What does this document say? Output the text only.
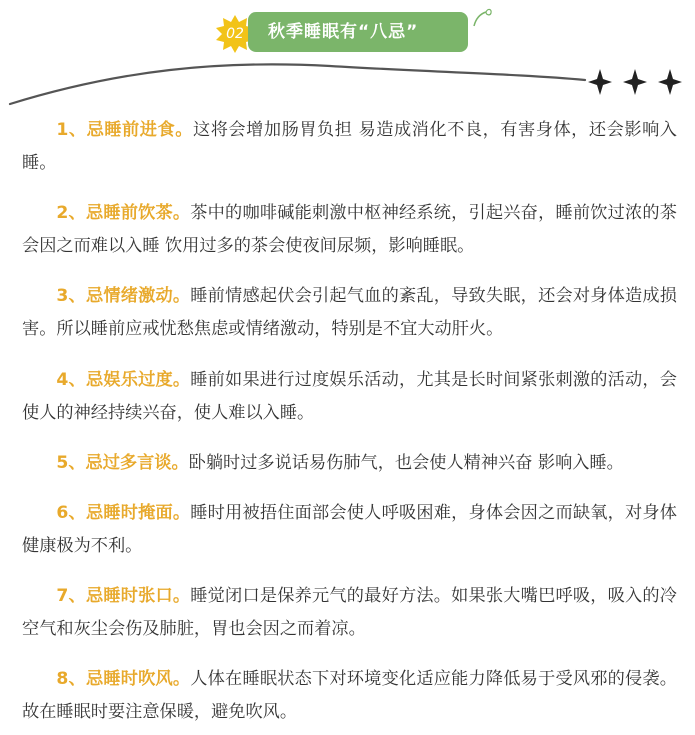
02	秋季睡眠有“八忌”

1、忌睡前进食。这将会增加肠胃负担 易造成消化不良，有害身体，还会影响入睡。

2、忌睡前饮茶。茶中的咖啡碱能刺激中枢神经系统，引起兴奋，睡前饮过浓的茶会因之而难以入睡 饮用过多的茶会使夜间尿频，影响睡眠。

3、忌情绪激动。睡前情感起伏会引起气血的紊乱，导致失眠，还会对身体造成损害。所以睡前应戒忧愁焦虑或情绪激动，特别是不宜大动肝火。

4、忌娱乐过度。睡前如果进行过度娱乐活动，尤其是长时间紧张刺激的活动，会使人的神经持续兴奋，使人难以入睡。

5、忌过多言谈。卧躺时过多说话易伤肺气，也会使人精神兴奋 影响入睡。

6、忌睡时掩面。睡时用被捂住面部会使人呼吸困难，身体会因之而缺氧，对身体健康极为不利。

7、忌睡时张口。睡觉闭口是保养元气的最好方法。如果张大嘴巴呼吸，吸入的冷空气和灰尘会伤及肺脏，胃也会因之而着凉。

8、忌睡时吹风。人体在睡眠状态下对环境变化适应能力降低易于受风邪的侵袭。故在睡眠时要注意保暖，避免吹风。
